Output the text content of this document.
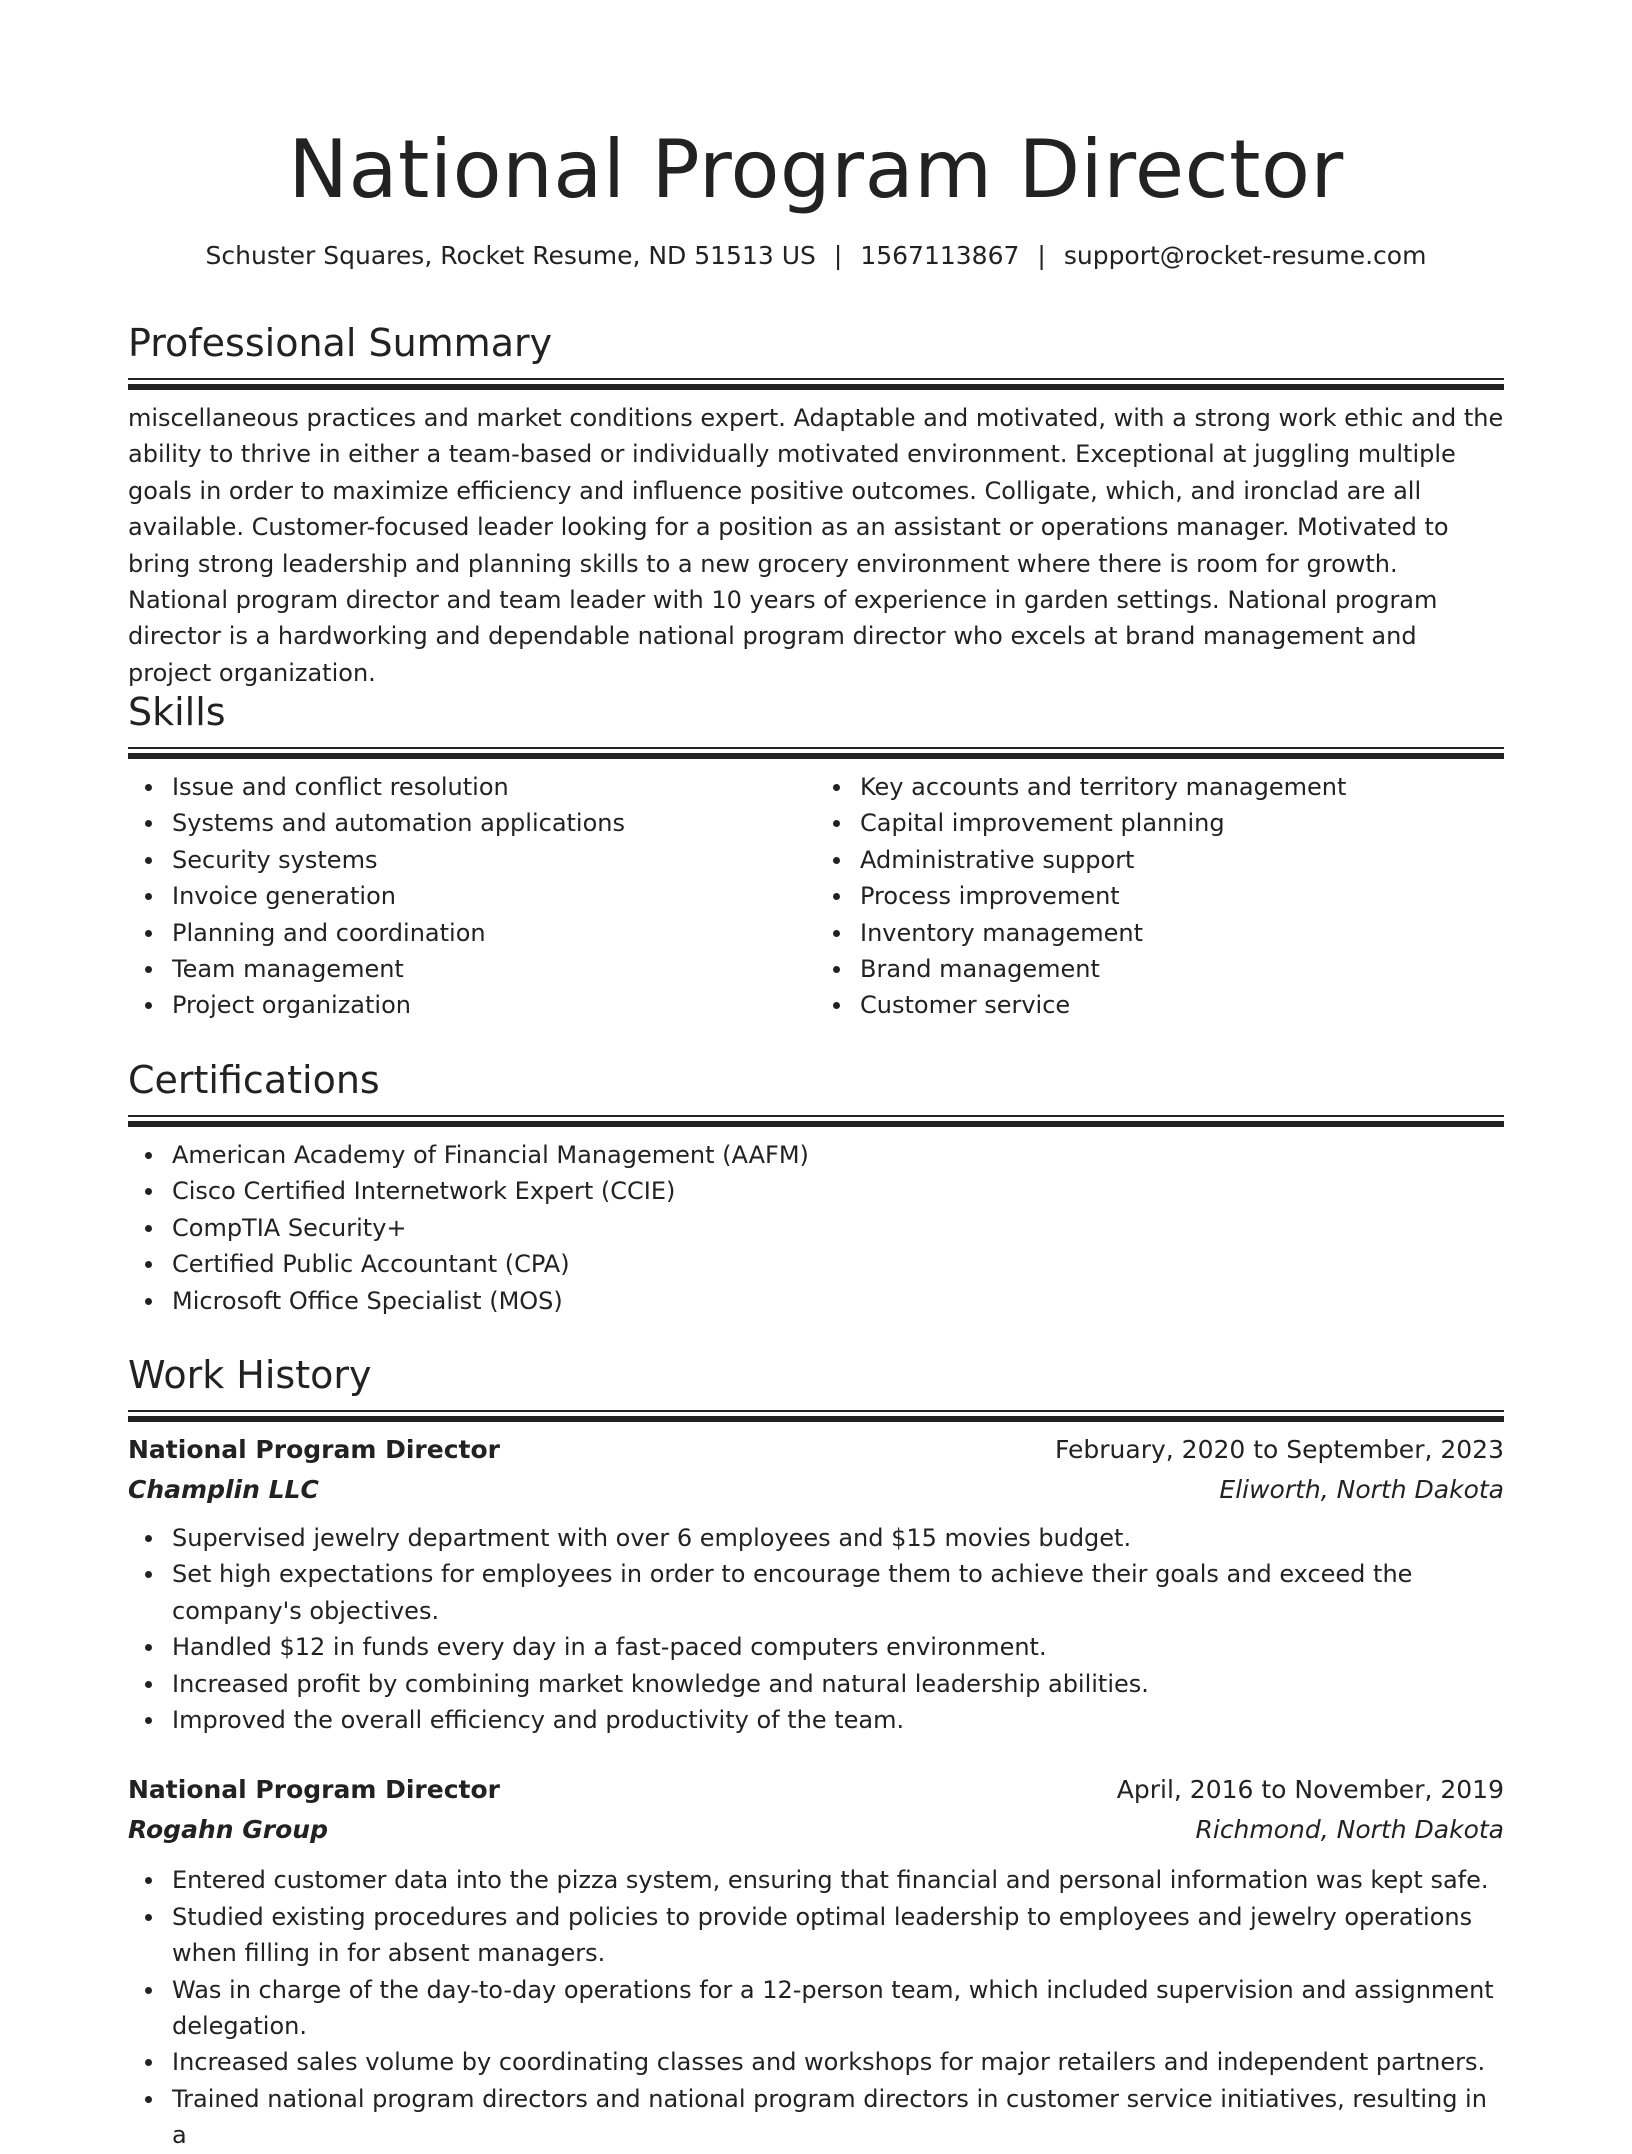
National Program Director
Schuster Squares, Rocket Resume, ND 51513 US | 1567113867 | support@rocket-resume.com
Professional Summary

miscellaneous practices and market conditions expert. Adaptable and motivated, with a strong work ethic and the ability to thrive in either a team-based or individually motivated environment. Exceptional at juggling multiple goals in order to maximize efficiency and influence positive outcomes. Colligate, which, and ironclad are all available. Customer-focused leader looking for a position as an assistant or operations manager. Motivated to bring strong leadership and planning skills to a new grocery environment where there is room for growth. National program director and team leader with 10 years of experience in garden settings. National program director is a hardworking and dependable national program director who excels at brand management and project organization.

Skills
Issue and conflict resolution
Systems and automation applications
Security systems
Invoice generation
Planning and coordination
Team management
Project organization
Key accounts and territory management
Capital improvement planning
Administrative support
Process improvement
Inventory management
Brand management
Customer service
Certifications
American Academy of Financial Management (AAFM)
Cisco Certified Internetwork Expert (CCIE)
CompTIA Security+
Certified Public Accountant (CPA)
Microsoft Office Specialist (MOS)
Work History
National Program Director	February, 2020 to September, 2023
Champlin LLC	Eliworth, North Dakota
Supervised jewelry department with over 6 employees and $15 movies budget.
Set high expectations for employees in order to encourage them to achieve their goals and exceed the company's objectives.
Handled $12 in funds every day in a fast-paced computers environment.
Increased profit by combining market knowledge and natural leadership abilities.
Improved the overall efficiency and productivity of the team.
National Program Director	April, 2016 to November, 2019
Rogahn Group	Richmond, North Dakota
Entered customer data into the pizza system, ensuring that financial and personal information was kept safe.
Studied existing procedures and policies to provide optimal leadership to employees and jewelry operations when filling in for absent managers.
Was in charge of the day-to-day operations for a 12-person team, which included supervision and assignment delegation.
Increased sales volume by coordinating classes and workshops for major retailers and independent partners.
Trained national program directors and national program directors in customer service initiatives, resulting in a
